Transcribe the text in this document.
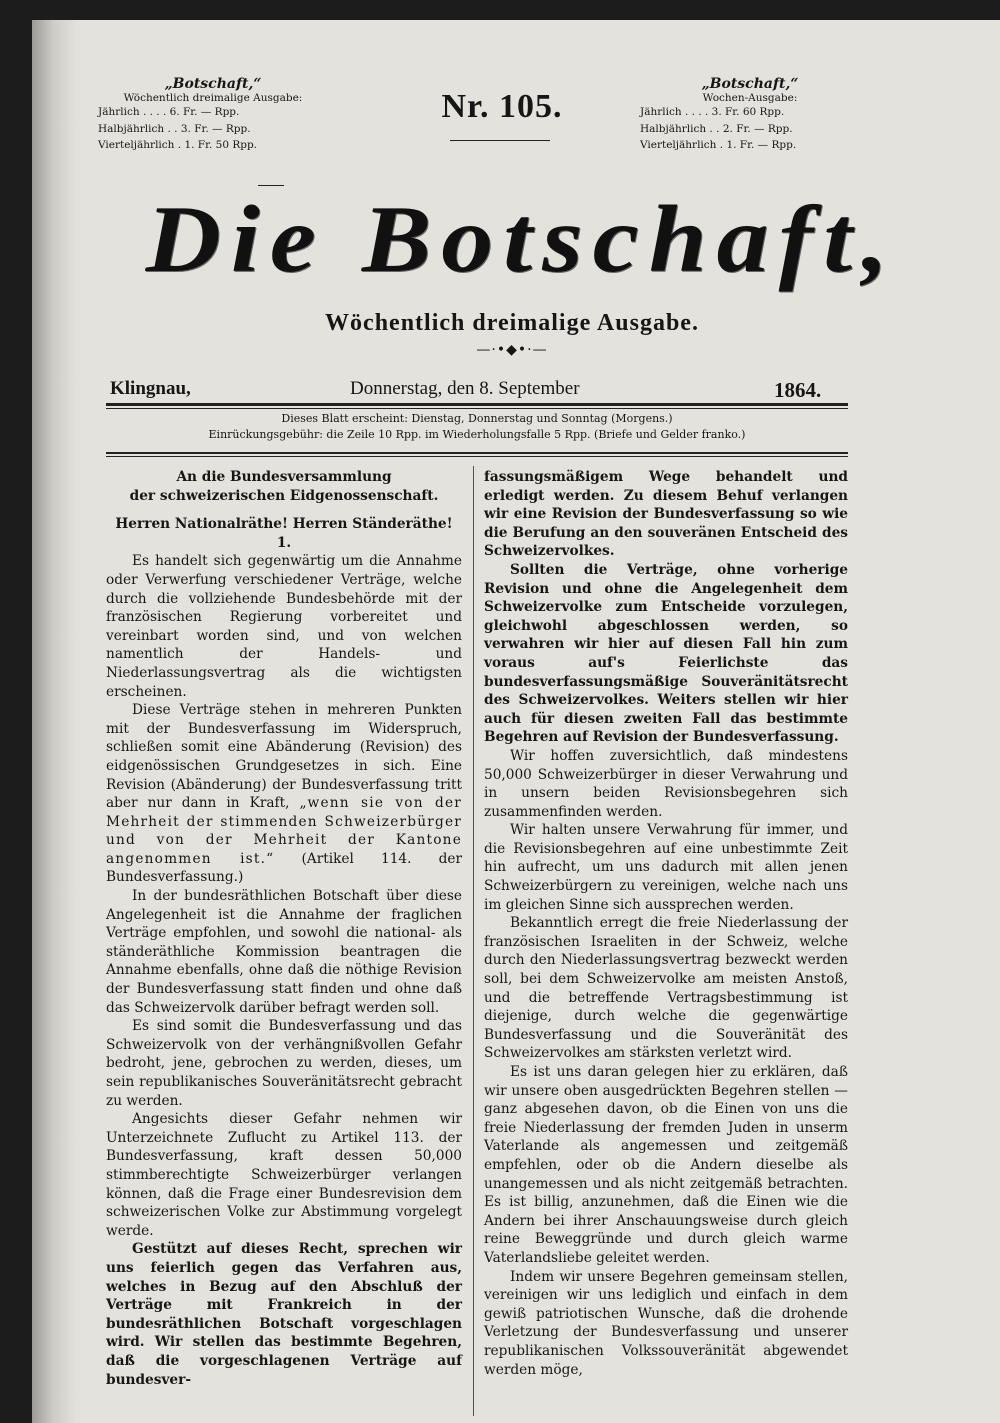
„Botschaft,“
Wöchentlich dreimalige Ausgabe:
Jährlich . . . . 6. Fr. — Rpp.
Halbjährlich . . 3. Fr. — Rpp.
Vierteljährlich . 1. Fr. 50 Rpp.
Nr. 105.
„Botschaft,“
Wochen-Ausgabe:
Jährlich . . . . 3. Fr. 60 Rpp.
Halbjährlich . . 2. Fr. — Rpp.
Vierteljährlich . 1. Fr. — Rpp.
Die Botschaft,
Wöchentlich dreimalige Ausgabe.
—·•◆•·—
Klingnau,	Donnerstag, den 8. September	1864.
Dieses Blatt erscheint: Dienstag, Donnerstag und Sonntag (Morgens.)
Einrückungsgebühr: die Zeile 10 Rpp. im Wiederholungsfalle 5 Rpp. (Briefe und Gelder franko.)

An die Bundesversammlung

der schweizerischen Eidgenossenschaft.

Herren Nationalräthe! Herren Ständeräthe!

1.

Es handelt sich gegenwärtig um die Annahme oder Verwerfung verschiedener Verträge, welche durch die vollziehende Bundesbehörde mit der französischen Regierung vorbereitet und vereinbart worden sind, und von welchen namentlich der Handels- und Niederlassungsvertrag als die wichtigsten erscheinen.

Diese Verträge stehen in mehreren Punkten mit der Bundesverfassung im Widerspruch, schließen somit eine Abänderung (Revision) des eidgenössischen Grundgesetzes in sich. Eine Revision (Abänderung) der Bundesverfassung tritt aber nur dann in Kraft, „wenn sie von der Mehrheit der stimmenden Schweizerbürger und von der Mehrheit der Kantone angenommen ist.“ (Artikel 114. der Bundesverfassung.)

In der bundesräthlichen Botschaft über diese Angelegenheit ist die Annahme der fraglichen Verträge empfohlen, und sowohl die national- als ständeräthliche Kommission beantragen die Annahme ebenfalls, ohne daß die nöthige Revision der Bundesverfassung statt finden und ohne daß das Schweizervolk darüber befragt werden soll.

Es sind somit die Bundesverfassung und das Schweizervolk von der verhängnißvollen Gefahr bedroht, jene, gebrochen zu werden, dieses, um sein republikanisches Souveränitätsrecht gebracht zu werden.

Angesichts dieser Gefahr nehmen wir Unterzeichnete Zuflucht zu Artikel 113. der Bundesverfassung, kraft dessen 50,000 stimmberechtigte Schweizerbürger verlangen können, daß die Frage einer Bundesrevision dem schweizerischen Volke zur Abstimmung vorgelegt werde.

Gestützt auf dieses Recht, sprechen wir uns feierlich gegen das Verfahren aus, welches in Bezug auf den Abschluß der Verträge mit Frankreich in der bundesräthlichen Botschaft vorgeschlagen wird. Wir stellen das bestimmte Begehren, daß die vorgeschlagenen Verträge auf bundesver-

fassungsmäßigem Wege behandelt und erledigt werden. Zu diesem Behuf verlangen wir eine Revision der Bundesverfassung so wie die Berufung an den souveränen Entscheid des Schweizervolkes.

Sollten die Verträge, ohne vorherige Revision und ohne die Angelegenheit dem Schweizervolke zum Entscheide vorzulegen, gleichwohl abgeschlossen werden, so verwahren wir hier auf diesen Fall hin zum voraus auf's Feierlichste das bundesverfassungsmäßige Souveränitätsrecht des Schweizervolkes. Weiters stellen wir hier auch für diesen zweiten Fall das bestimmte Begehren auf Revision der Bundesverfassung.

Wir hoffen zuversichtlich, daß mindestens 50,000 Schweizerbürger in dieser Verwahrung und in unsern beiden Revisionsbegehren sich zusammenfinden werden.

Wir halten unsere Verwahrung für immer, und die Revisionsbegehren auf eine unbestimmte Zeit hin aufrecht, um uns dadurch mit allen jenen Schweizerbürgern zu vereinigen, welche nach uns im gleichen Sinne sich aussprechen werden.

Bekanntlich erregt die freie Niederlassung der französischen Israeliten in der Schweiz, welche durch den Niederlassungsvertrag bezweckt werden soll, bei dem Schweizervolke am meisten Anstoß, und die betreffende Vertragsbestimmung ist diejenige, durch welche die gegenwärtige Bundesverfassung und die Souveränität des Schweizervolkes am stärksten verletzt wird.

Es ist uns daran gelegen hier zu erklären, daß wir unsere oben ausgedrückten Begehren stellen — ganz abgesehen davon, ob die Einen von uns die freie Niederlassung der fremden Juden in unserm Vaterlande als angemessen und zeitgemäß empfehlen, oder ob die Andern dieselbe als unangemessen und als nicht zeitgemäß betrachten. Es ist billig, anzunehmen, daß die Einen wie die Andern bei ihrer Anschauungsweise durch gleich reine Beweggründe und durch gleich warme Vaterlandsliebe geleitet werden.

Indem wir unsere Begehren gemeinsam stellen, vereinigen wir uns lediglich und einfach in dem gewiß patriotischen Wunsche, daß die drohende Verletzung der Bundesverfassung und unserer republikanischen Volkssouveränität abgewendet werden möge,
